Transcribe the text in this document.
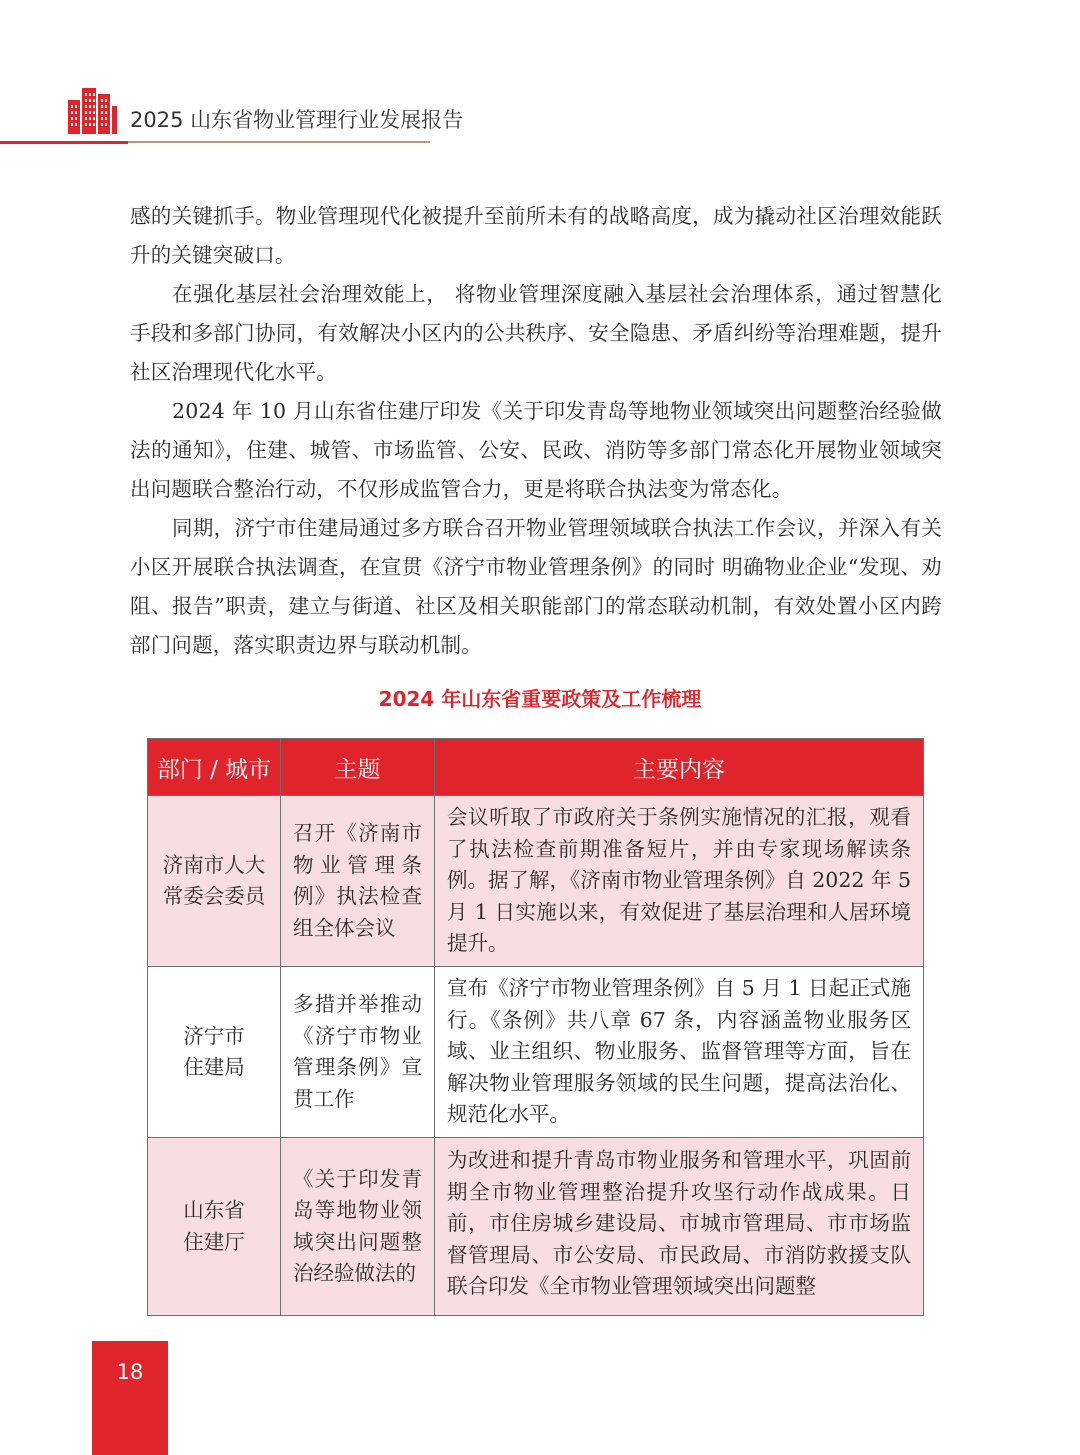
2025 山东省物业管理行业发展报告

感的关键抓手。物业管理现代化被提升至前所未有的战略高度，成为撬动社区治理效能跃升的关键突破口。

在强化基层社会治理效能上， 将物业管理深度融入基层社会治理体系，通过智慧化手段和多部门协同，有效解决小区内的公共秩序、安全隐患、矛盾纠纷等治理难题，提升社区治理现代化水平。

2024 年 10 月山东省住建厅印发《关于印发青岛等地物业领域突出问题整治经验做法的通知》，住建、城管、市场监管、公安、民政、消防等多部门常态化开展物业领域突出问题联合整治行动，不仅形成监管合力，更是将联合执法变为常态化。

同期，济宁市住建局通过多方联合召开物业管理领域联合执法工作会议，并深入有关小区开展联合执法调查，在宣贯《济宁市物业管理条例》的同时 明确物业企业“发现、劝阻、报告”职责，建立与街道、社区及相关职能部门的常态联动机制，有效处置小区内跨部门问题，落实职责边界与联动机制。

2024 年山东省重要政策及工作梳理
部门 / 城市	主题	主要内容
济南市人大常委会委员	召开《济南市物业管理条例》执法检查组全体会议	会议听取了市政府关于条例实施情况的汇报，观看了执法检查前期准备短片，并由专家现场解读条例。据了解，《济南市物业管理条例》自 2022 年 5 月 1 日实施以来，有效促进了基层治理和人居环境提升。
济宁市住建局	多措并举推动《济宁市物业管理条例》宣贯工作	宣布《济宁市物业管理条例》自 5 月 1 日起正式施行。《条例》共八章 67 条，内容涵盖物业服务区域、业主组织、物业服务、监督管理等方面，旨在解决物业管理服务领域的民生问题，提高法治化、规范化水平。
山东省住建厅	《关于印发青岛等地物业领域突出问题整治经验做法的	为改进和提升青岛市物业服务和管理水平，巩固前期全市物业管理整治提升攻坚行动作战成果。日前，市住房城乡建设局、市城市管理局、市市场监督管理局、市公安局、市民政局、市消防救援支队联合印发《全市物业管理领域突出问题整
18
